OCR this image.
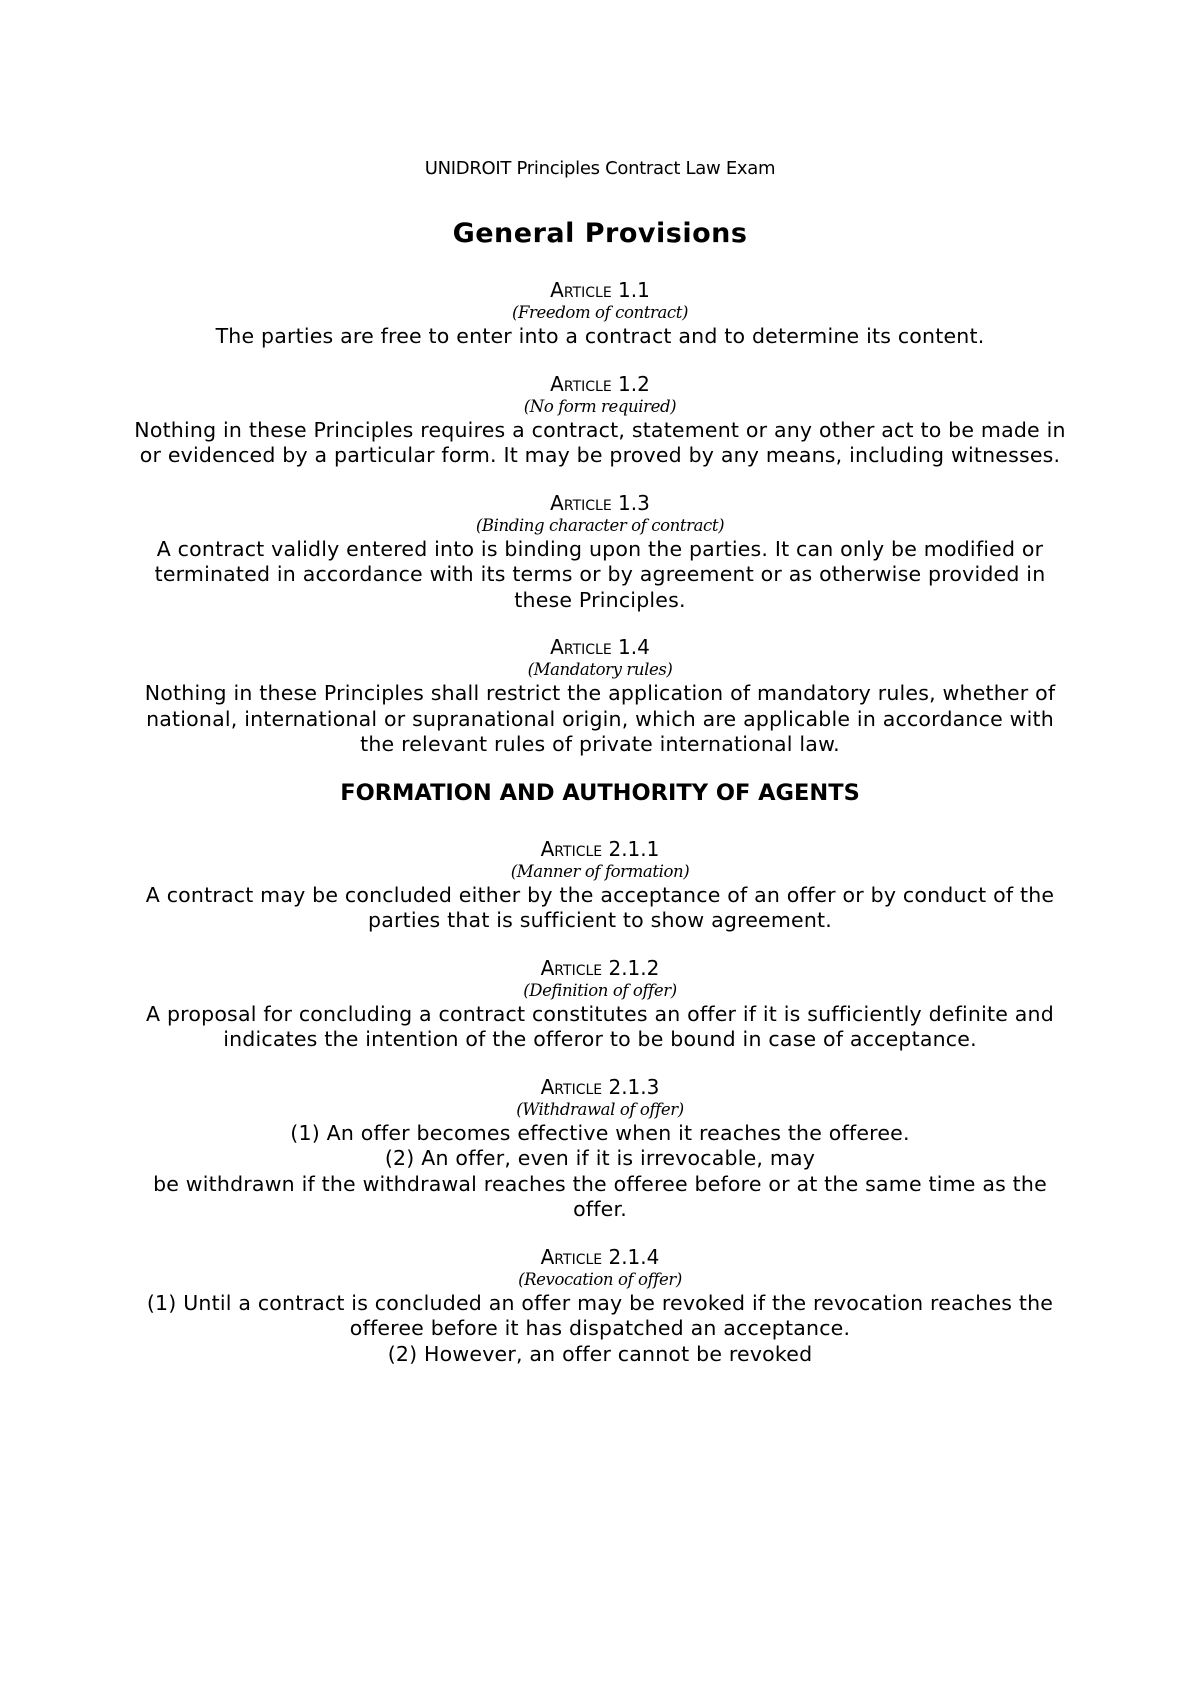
UNIDROIT Principles Contract Law Exam
General Provisions
Article 1.1
(Freedom of contract)

The parties are free to enter into a contract and to determine its content.

Article 1.2
(No form required)

Nothing in these Principles requires a contract, statement or any other act to be made in or evidenced by a particular form. It may be proved by any means, including witnesses.

Article 1.3
(Binding character of contract)

A contract validly entered into is binding upon the parties. It can only be modified or terminated in accordance with its terms or by agreement or as otherwise provided in these Principles.

Article 1.4
(Mandatory rules)

Nothing in these Principles shall restrict the application of mandatory rules, whether of national, international or supranational origin, which are applicable in accordance with the relevant rules of private international law.

FORMATION AND AUTHORITY OF AGENTS
Article 2.1.1
(Manner of formation)

A contract may be concluded either by the acceptance of an offer or by conduct of the parties that is sufficient to show agreement.

Article 2.1.2
(Definition of offer)

A proposal for concluding a contract constitutes an offer if it is sufficiently definite and indicates the intention of the offeror to be bound in case of acceptance.

Article 2.1.3
(Withdrawal of offer)

(1) An offer becomes effective when it reaches the offeree.

(2) An offer, even if it is irrevocable, may

be withdrawn if the withdrawal reaches the offeree before or at the same time as the offer.

Article 2.1.4
(Revocation of offer)

(1) Until a contract is concluded an offer may be revoked if the revocation reaches the offeree before it has dispatched an acceptance.

(2) However, an offer cannot be revoked
